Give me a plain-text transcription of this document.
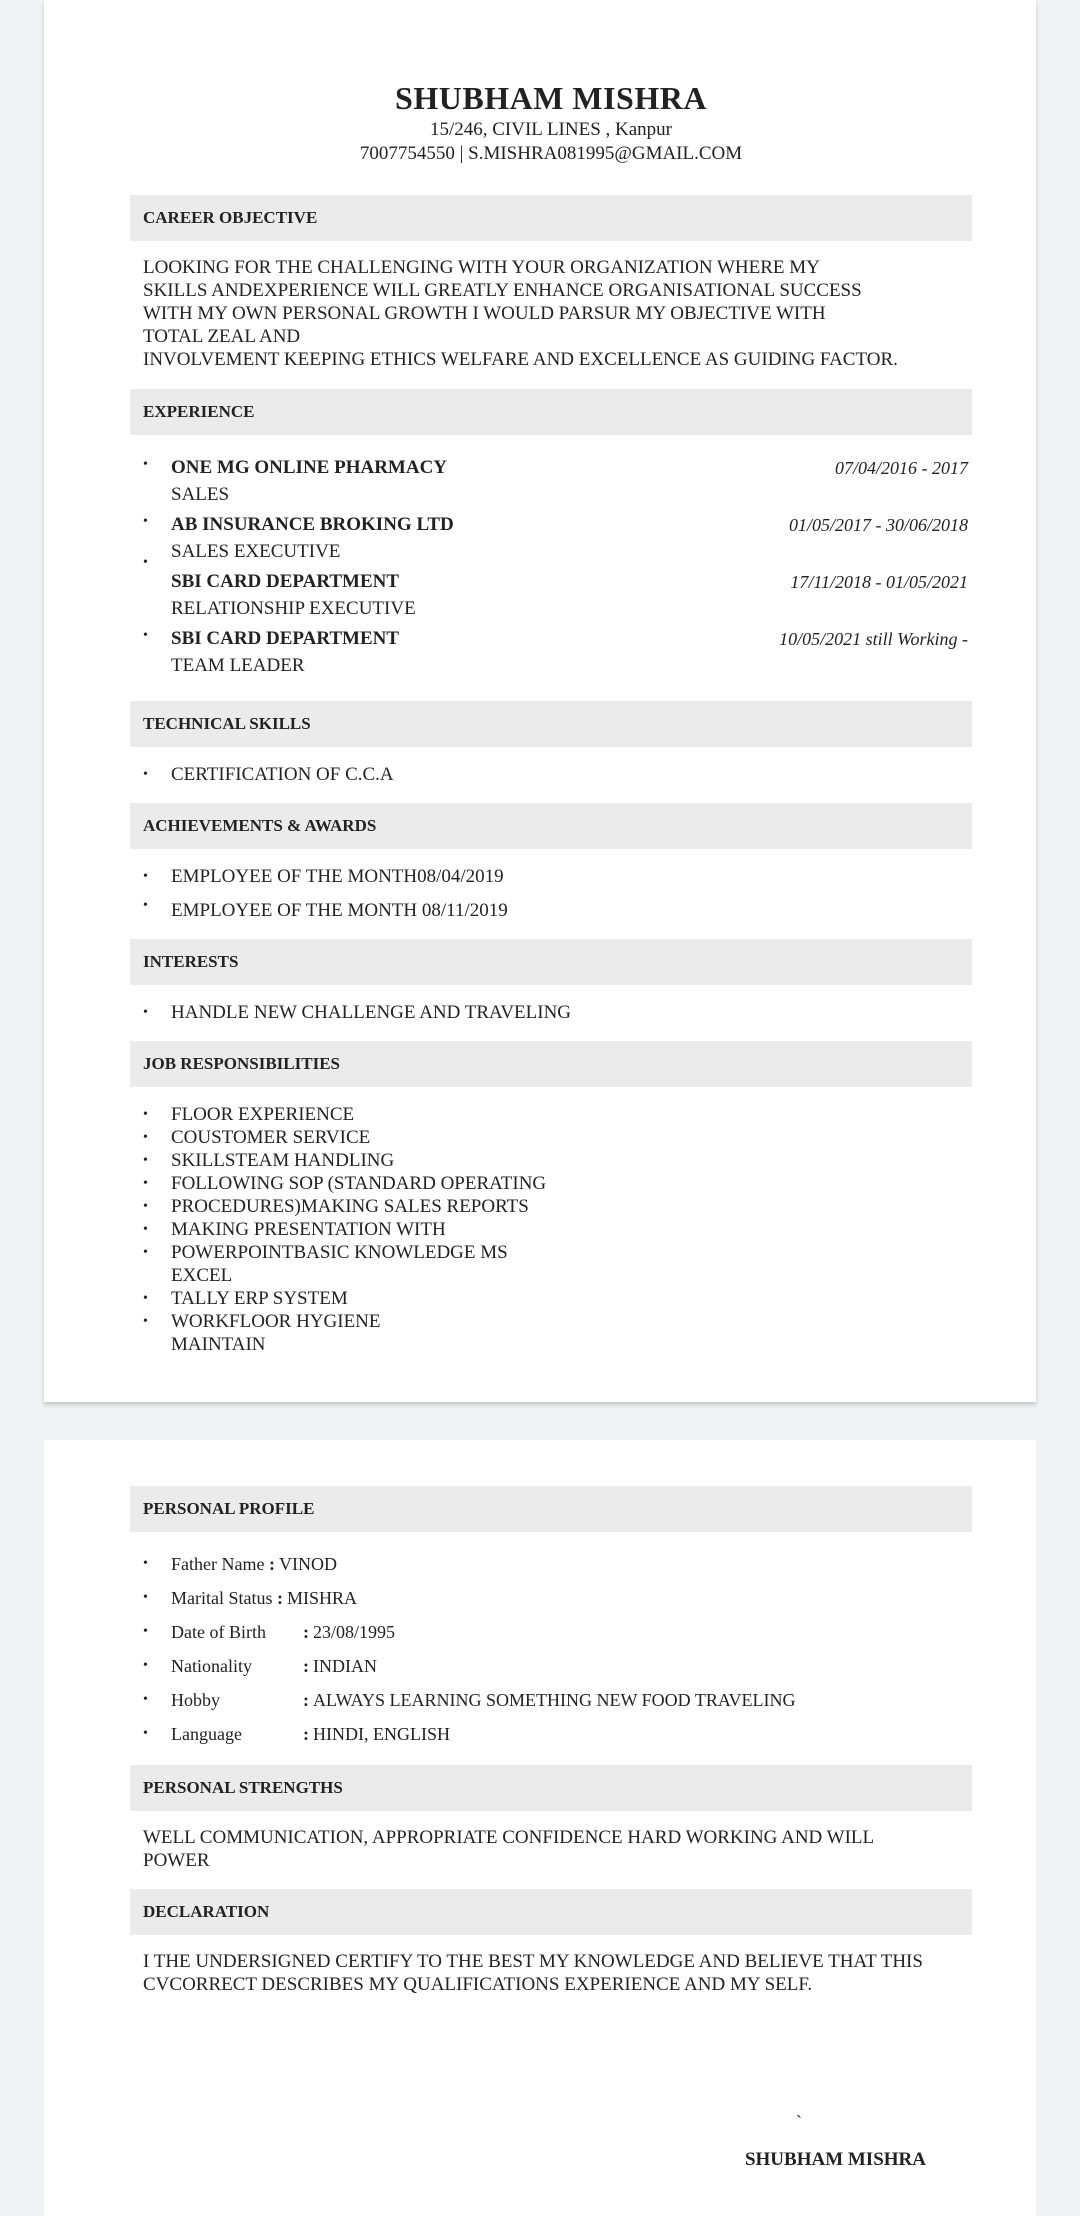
SHUBHAM MISHRA
15/246, CIVIL LINES , Kanpur
7007754550 | S.MISHRA081995@GMAIL.COM
CAREER OBJECTIVE
LOOKING FOR THE CHALLENGING WITH YOUR ORGANIZATION WHERE MY
SKILLS ANDEXPERIENCE WILL GREATLY ENHANCE ORGANISATIONAL SUCCESS
WITH MY OWN PERSONAL GROWTH I WOULD PARSUR MY OBJECTIVE WITH
TOTAL ZEAL AND
INVOLVEMENT KEEPING ETHICS WELFARE AND EXCELLENCE AS GUIDING FACTOR.
EXPERIENCE
• ONE MG ONLINE PHARMACY	07/04/2016 - 2017
SALES
• AB INSURANCE BROKING LTD	01/05/2017 - 30/06/2018
SALES EXECUTIVE
•
SBI CARD DEPARTMENT	17/11/2018 - 01/05/2021
RELATIONSHIP EXECUTIVE
• SBI CARD DEPARTMENT	10/05/2021 still Working -
TEAM LEADER
TECHNICAL SKILLS
• CERTIFICATION OF C.C.A
ACHIEVEMENTS & AWARDS
• EMPLOYEE OF THE MONTH08/04/2019
• EMPLOYEE OF THE MONTH 08/11/2019
INTERESTS
• HANDLE NEW CHALLENGE AND TRAVELING
JOB RESPONSIBILITIES
• FLOOR EXPERIENCE
• COUSTOMER SERVICE
• SKILLSTEAM HANDLING
• FOLLOWING SOP (STANDARD OPERATING
• PROCEDURES)MAKING SALES REPORTS
• MAKING PRESENTATION WITH
• POWERPOINTBASIC KNOWLEDGE MS
EXCEL
• TALLY ERP SYSTEM
• WORKFLOOR HYGIENE
MAINTAIN
PERSONAL PROFILE
• Father Name : VINOD
• Marital Status : MISHRA
• Date of Birth : 23/08/1995
• Nationality	: INDIAN
• Hobby	: ALWAYS LEARNING SOMETHING NEW FOOD TRAVELING
• Language	: HINDI, ENGLISH
PERSONAL STRENGTHS
WELL COMMUNICATION, APPROPRIATE CONFIDENCE HARD WORKING AND WILL
POWER
DECLARATION
I THE UNDERSIGNED CERTIFY TO THE BEST MY KNOWLEDGE AND BELIEVE THAT THIS
CVCORRECT DESCRIBES MY QUALIFICATIONS EXPERIENCE AND MY SELF.
`
SHUBHAM MISHRA
